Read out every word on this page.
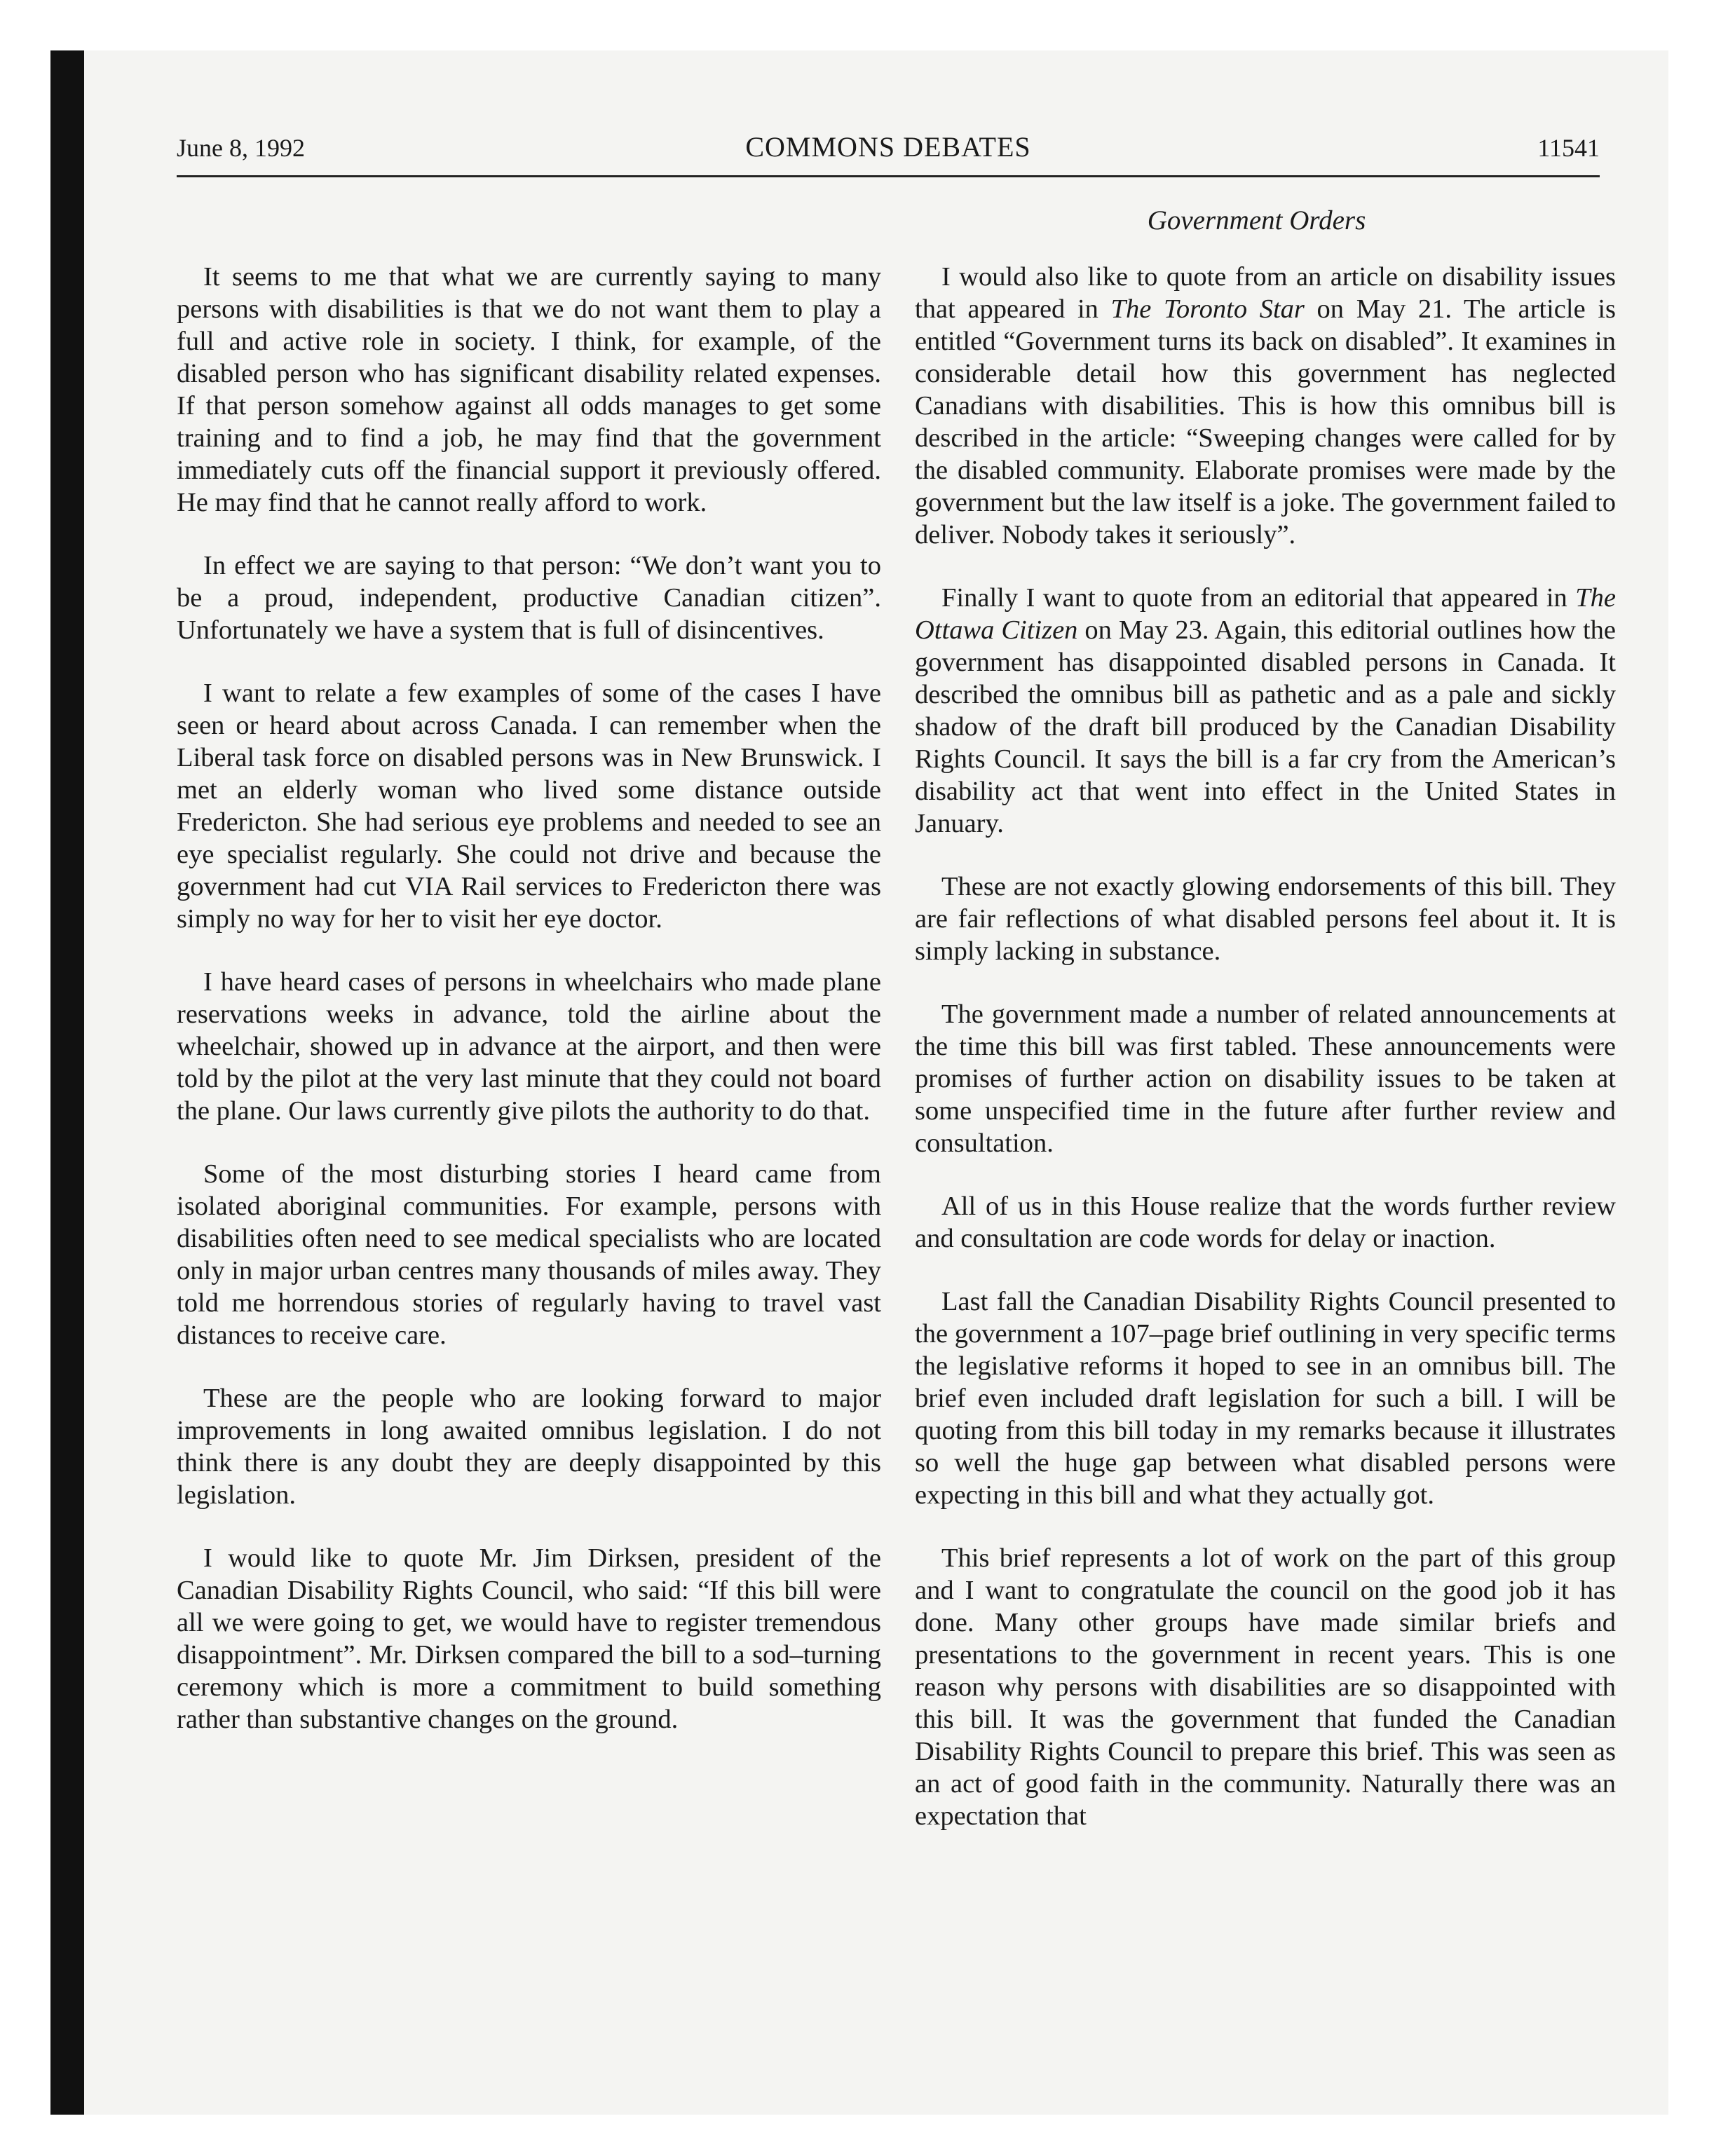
June 8, 1992	COMMONS DEBATES	11541
Government Orders

It seems to me that what we are currently saying to many persons with disabilities is that we do not want them to play a full and active role in society. I think, for example, of the disabled person who has significant disability related expenses. If that person somehow against all odds manages to get some training and to find a job, he may find that the government immediately cuts off the financial support it previously offered. He may find that he cannot really afford to work.

In effect we are saying to that person: “We don’t want you to be a proud, independent, productive Canadian citizen”. Unfortunately we have a system that is full of disincentives.

I want to relate a few examples of some of the cases I have seen or heard about across Canada. I can remember when the Liberal task force on disabled persons was in New Brunswick. I met an elderly woman who lived some distance outside Fredericton. She had serious eye problems and needed to see an eye specialist regularly. She could not drive and because the government had cut VIA Rail services to Fredericton there was simply no way for her to visit her eye doctor.

I have heard cases of persons in wheelchairs who made plane reservations weeks in advance, told the airline about the wheelchair, showed up in advance at the airport, and then were told by the pilot at the very last minute that they could not board the plane. Our laws currently give pilots the authority to do that.

Some of the most disturbing stories I heard came from isolated aboriginal communities. For example, persons with disabilities often need to see medical specialists who are located only in major urban centres many thousands of miles away. They told me horrendous stories of regularly having to travel vast distances to receive care.

These are the people who are looking forward to major improvements in long awaited omnibus legislation. I do not think there is any doubt they are deeply disappointed by this legislation.

I would like to quote Mr. Jim Dirksen, president of the Canadian Disability Rights Council, who said: “If this bill were all we were going to get, we would have to register tremendous disappointment”. Mr. Dirksen compared the bill to a sod–turning ceremony which is more a commitment to build something rather than substantive changes on the ground.

I would also like to quote from an article on disability issues that appeared in The Toronto Star on May 21. The article is entitled “Government turns its back on disabled”. It examines in considerable detail how this government has neglected Canadians with disabilities. This is how this omnibus bill is described in the article: “Sweeping changes were called for by the disabled community. Elaborate promises were made by the government but the law itself is a joke. The government failed to deliver. Nobody takes it seriously”.

Finally I want to quote from an editorial that appeared in The Ottawa Citizen on May 23. Again, this editorial outlines how the government has disappointed disabled persons in Canada. It described the omnibus bill as pathetic and as a pale and sickly shadow of the draft bill produced by the Canadian Disability Rights Council. It says the bill is a far cry from the American’s disability act that went into effect in the United States in January.

These are not exactly glowing endorsements of this bill. They are fair reflections of what disabled persons feel about it. It is simply lacking in substance.

The government made a number of related announcements at the time this bill was first tabled. These announcements were promises of further action on disability issues to be taken at some unspecified time in the future after further review and consultation.

All of us in this House realize that the words further review and consultation are code words for delay or inaction.

Last fall the Canadian Disability Rights Council presented to the government a 107–page brief outlining in very specific terms the legislative reforms it hoped to see in an omnibus bill. The brief even included draft legislation for such a bill. I will be quoting from this bill today in my remarks because it illustrates so well the huge gap between what disabled persons were expecting in this bill and what they actually got.

This brief represents a lot of work on the part of this group and I want to congratulate the council on the good job it has done. Many other groups have made similar briefs and presentations to the government in recent years. This is one reason why persons with disabilities are so disappointed with this bill. It was the government that funded the Canadian Disability Rights Council to prepare this brief. This was seen as an act of good faith in the community. Naturally there was an expectation that
